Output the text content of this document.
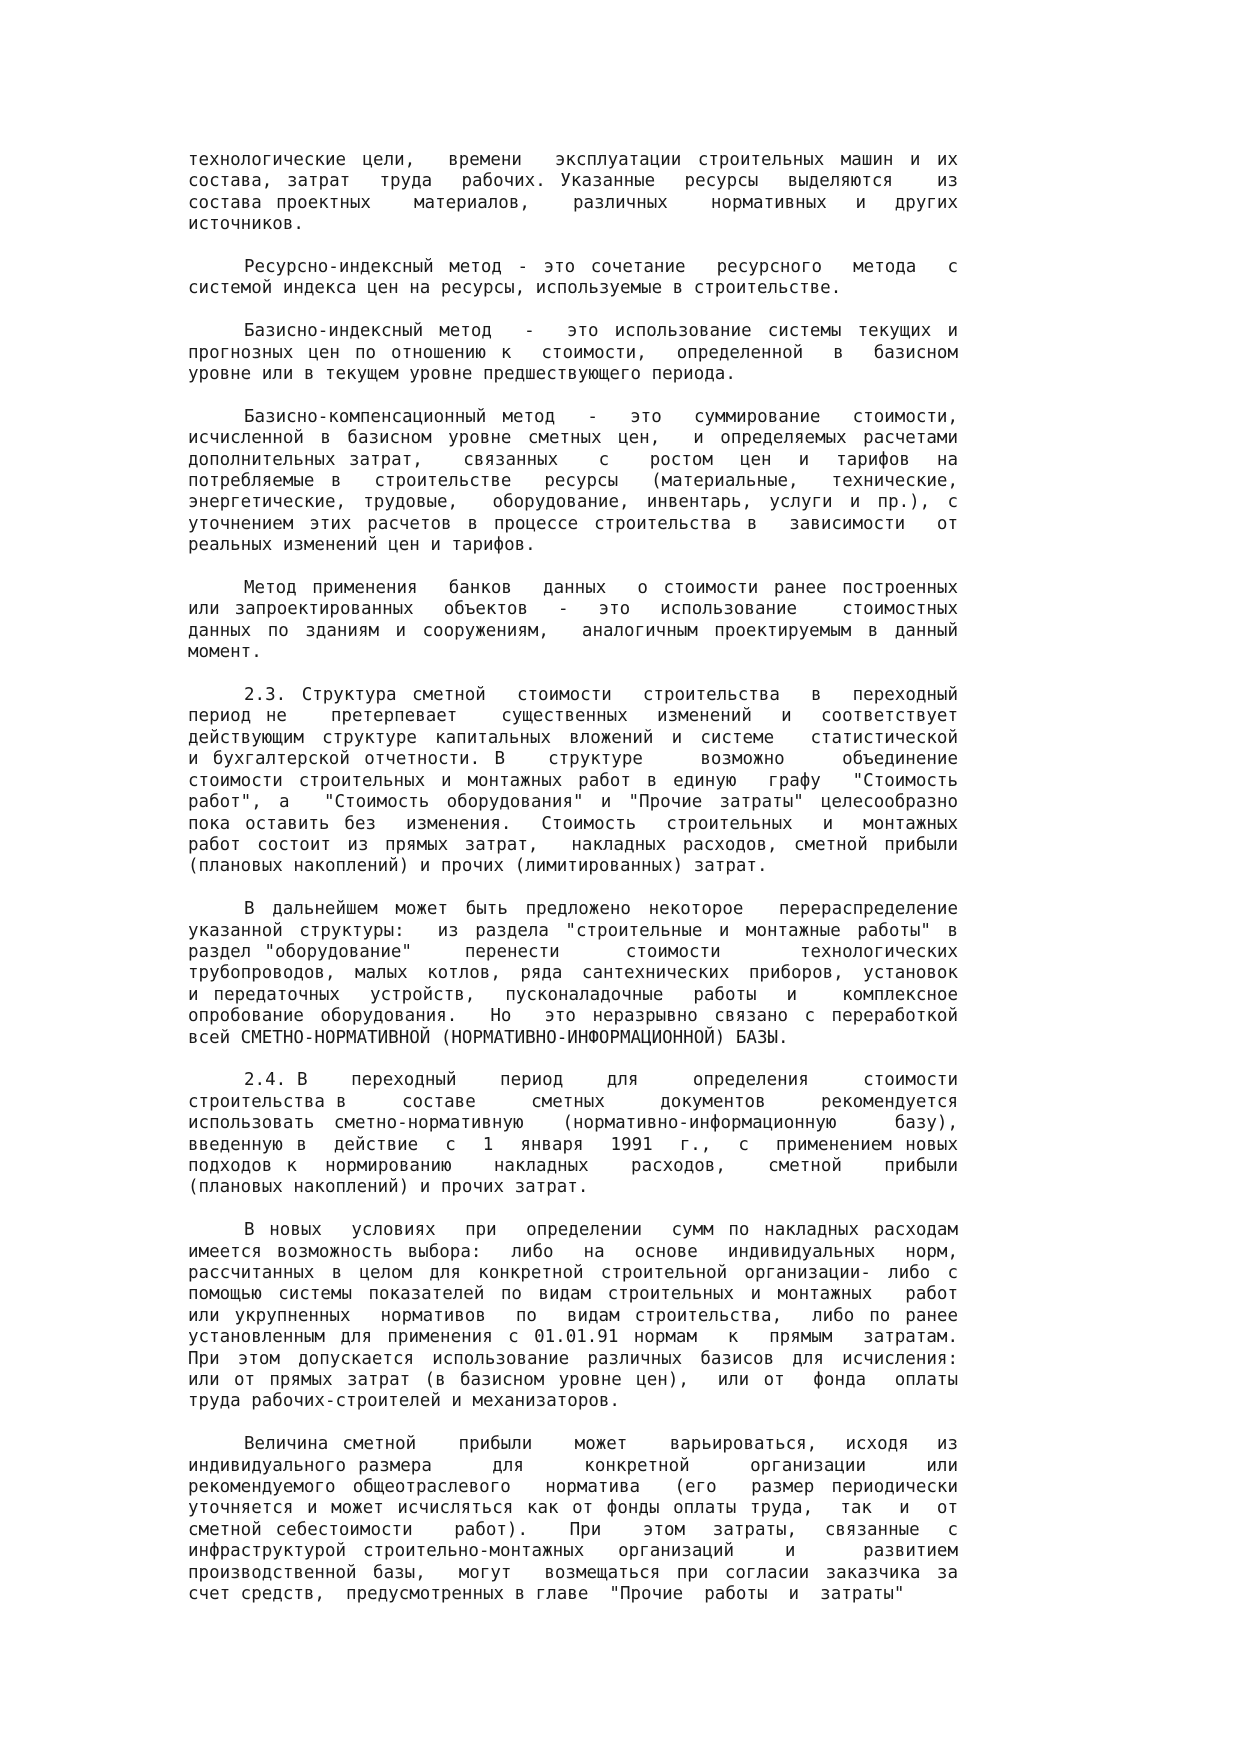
технологические цели,  времени  эксплуатации строительных машин и их
состава, затрат  труда  рабочих. Указанные  ресурсы  выделяются   из
состава проектных   материалов,   различных   нормативных  и  других
источников.
Ресурсно-индексный метод - это сочетание  ресурсного  метода  с
системой индекса цен на ресурсы, используемые в строительстве.
Базисно-индексный метод  -  это использование системы текущих и
прогнозных цен по отношению к  стоимости,  определенной  в  базисном
уровне или в текущем уровне предшествующего периода.
Базисно-компенсационный метод  -  это  суммирование  стоимости,
исчисленной в базисном уровне сметных цен,  и определяемых расчетами
дополнительных затрат,   связанных   с   ростом  цен  и  тарифов  на
потребляемые в  строительстве  ресурсы  (материальные,  технические,
энергетические, трудовые,  оборудование, инвентарь, услуги и пр.), с
уточнением этих расчетов в процессе строительства в  зависимости  от
реальных изменений цен и тарифов.
Метод применения  банков  данных  о стоимости ранее построенных
или запроектированных  объектов  -  это  использование   стоимостных
данных по зданиям и сооружениям,  аналогичным проектируемым в данный
момент.
2.3. Структура сметной  стоимости  строительства  в  переходный
период не   претерпевает   существенных  изменений  и  соответствует
действующим структуре капитальных вложений и системе  статистической
и бухгалтерской отчетности. В   структуре    возможно    объединение
стоимости строительных и монтажных работ в единую  графу  "Стоимость
работ", а  "Стоимость оборудования" и "Прочие затраты" целесообразно
пока оставить без  изменения.  Стоимость  строительных  и  монтажных
работ состоит из прямых затрат,  накладных расходов, сметной прибыли
(плановых накоплений) и прочих (лимитированных) затрат.
В дальнейшем может быть предложено некоторое  перераспределение
указанной структуры:  из раздела "строительные и монтажные работы" в
раздел "оборудование"    перенести     стоимости      технологических
трубопроводов, малых котлов, ряда сантехнических приборов, установок
и передаточных  устройств,  пусконаладочные  работы  и   комплексное
опробование оборудования.  Но  это неразрывно связано с переработкой
всей СМЕТНО-НОРМАТИВНОЙ (НОРМАТИВНО-ИНФОРМАЦИОННОЙ) БАЗЫ.
2.4. В    переходный    период    для     определения     стоимости
строительства в     составе     сметных     документов     рекомендуется
использовать сметно-нормативную  (нормативно-информационную   базу),
введенную в  действие  с  1  января  1991  г.,  с  применением новых
подходов к  нормированию   накладных   расходов,   сметной   прибыли
(плановых накоплений) и прочих затрат.
В новых  условиях  при  определении  сумм по накладных расходам
имеется возможность выбора:  либо  на  основе  индивидуальных  норм,
рассчитанных в целом для конкретной строительной организации- либо с
помощью системы показателей по видам строительных и монтажных  работ
или укрупненных  нормативов  по  видам строительства,  либо по ранее
установленным для применения с 01.01.91 нормам  к  прямым  затратам.
При этом допускается использование различных базисов для исчисления:
или от прямых затрат (в базисном уровне цен),  или от  фонда  оплаты
труда рабочих-строителей и механизаторов.
Величина сметной   прибыли   может   варьироваться,  исходя  из
индивидуального размера     для     конкретной     организации     или
рекомендуемого общеотраслевого  норматива  (его  размер периодически
уточняется и может исчисляться как от фонды оплаты труда,  так  и  от
сметной себестоимости   работ).   При   этом  затраты,  связанные  с
инфраструктурой строительно-монтажных  организаций   и    развитием
производственной базы,  могут  возмещаться при согласии заказчика за
счет средств,  предусмотренных в главе  "Прочие  работы  и  затраты"
